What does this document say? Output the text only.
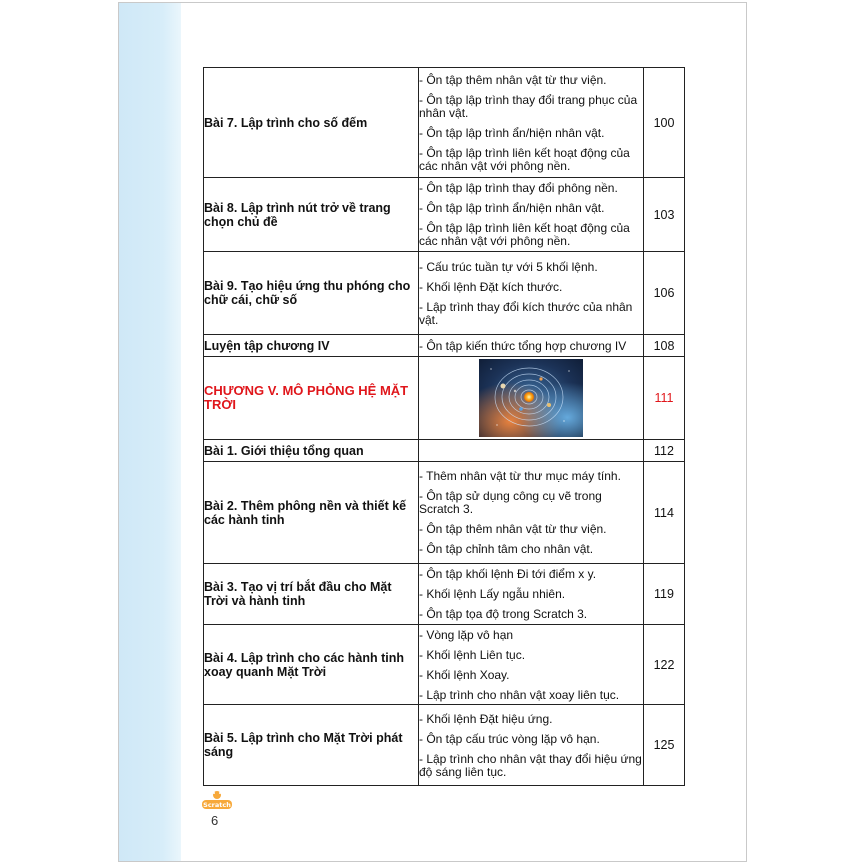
Bài 7. Lập trình cho số đếm	- Ôn tập thêm nhân vật từ thư viện.
- Ôn tập lập trình thay đổi trang phục của nhân vật.
- Ôn tập lập trình ẩn/hiện nhân vật.
- Ôn tập lập trình liên kết hoạt động của các nhân vật với phông nền.	100
Bài 8. Lập trình nút trở về trang chọn chủ đề	- Ôn tập lập trình thay đổi phông nền.
- Ôn tập lập trình ẩn/hiện nhân vật.
- Ôn tập lập trình liên kết hoạt động của các nhân vật với phông nền.	103
Bài 9. Tạo hiệu ứng thu phóng cho chữ cái, chữ số	- Cấu trúc tuần tự với 5 khối lệnh.
- Khối lệnh Đặt kích thước.
- Lập trình thay đổi kích thước của nhân vật.	106
Luyện tập chương IV	- Ôn tập kiến thức tổng hợp chương IV	108
CHƯƠNG V. MÔ PHỎNG HỆ MẶT TRỜI		111
Bài 1. Giới thiệu tổng quan		112
Bài 2. Thêm phông nền và thiết kế các hành tinh	- Thêm nhân vật từ thư mục máy tính.
- Ôn tập sử dụng công cụ vẽ trong Scratch 3.
- Ôn tập thêm nhân vật từ thư viện.
- Ôn tập chỉnh tâm cho nhân vật.	114
Bài 3. Tạo vị trí bắt đầu cho Mặt Trời và hành tinh	- Ôn tập khối lệnh Đi tới điểm x y.
- Khối lệnh Lấy ngẫu nhiên.
- Ôn tập tọa độ trong Scratch 3.	119
Bài 4. Lập trình cho các hành tinh xoay quanh Mặt Trời	- Vòng lặp vô hạn
- Khối lệnh Liên tục.
- Khối lệnh Xoay.
- Lập trình cho nhân vật xoay liên tục.	122
Bài 5. Lập trình cho Mặt Trời phát sáng	- Khối lệnh Đặt hiệu ứng.
- Ôn tập cấu trúc vòng lặp vô hạn.
- Lập trình cho nhân vật thay đổi hiệu ứng độ sáng liên tục.	125
Scratch
6
